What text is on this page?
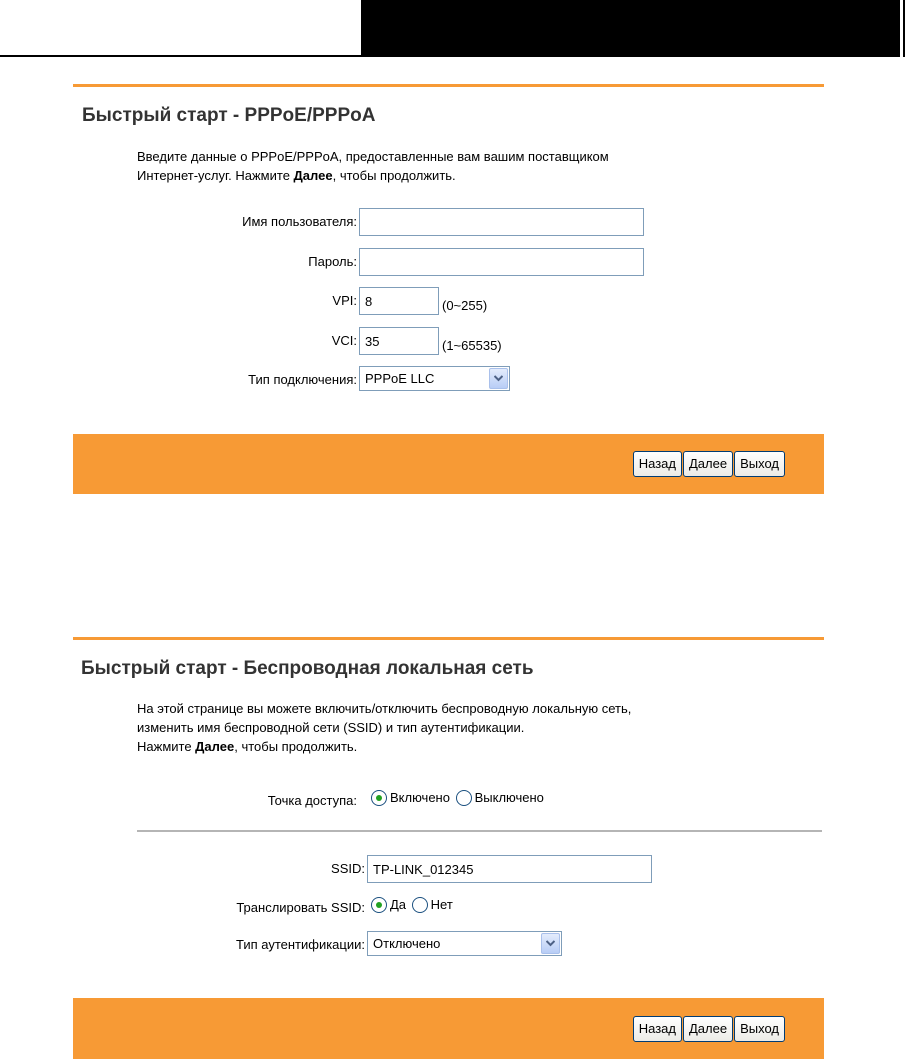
Быстрый старт - PPPoE/PPPoA
Введите данные о PPPoE/PPPoA, предоставленные вам вашим поставщиком
Интернет-услуг. Нажмите Далее, чтобы продолжить.
Имя пользователя:
Пароль:
VPI:
8	(0~255)
VCI:
35	(1~65535)
Тип подключения: PPPoE LLC
Назад Далее Выход
Быстрый старт - Беспроводная локальная сеть
На этой странице вы можете включить/отключить беспроводную локальную сеть,
изменить имя беспроводной сети (SSID) и тип аутентификации.
Нажмите Далее, чтобы продолжить.
Точка доступа:	Включено Выключено
SSID:
TP-LINK_012345
Транслировать SSID:	Да Нет
Тип аутентификации: Отключено
Назад Далее Выход
